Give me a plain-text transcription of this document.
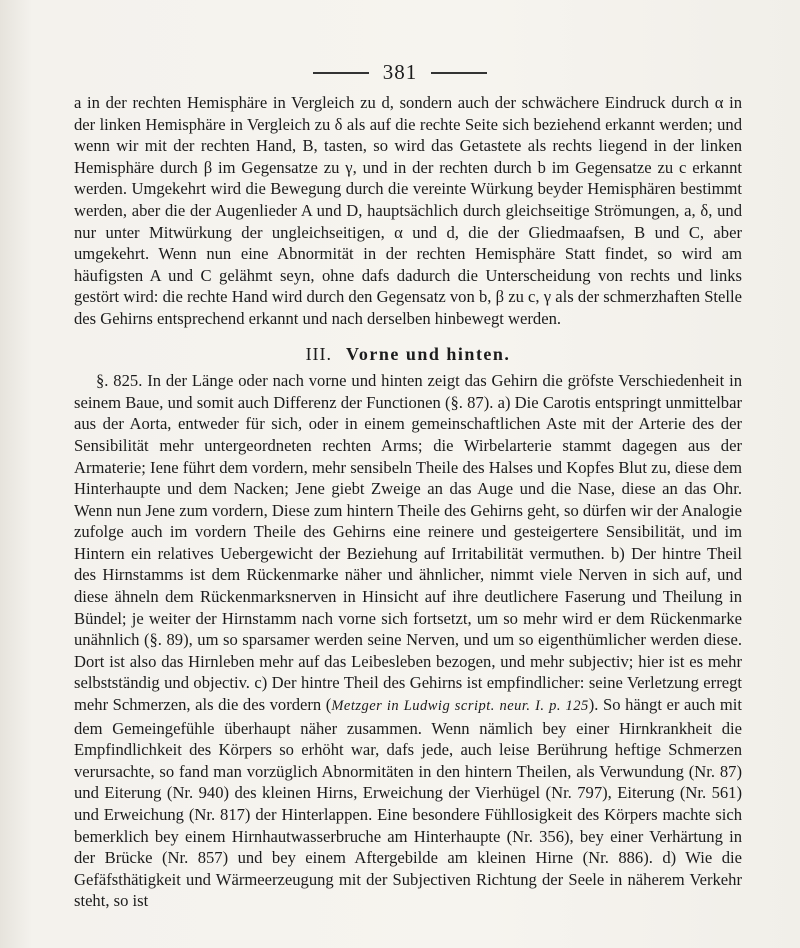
381

a in der rechten Hemisphäre in Vergleich zu d, sondern auch der schwächere Eindruck durch α in der linken Hemisphäre in Vergleich zu δ als auf die rechte Seite sich beziehend erkannt werden; und wenn wir mit der rechten Hand, B, tasten, so wird das Getastete als rechts liegend in der linken Hemisphäre durch β im Gegensatze zu γ, und in der rechten durch b im Gegensatze zu c erkannt werden. Umgekehrt wird die Bewegung durch die vereinte Würkung beyder Hemisphären bestimmt werden, aber die der Augenlieder A und D, hauptsächlich durch gleichseitige Strömungen, a, δ, und nur unter Mitwürkung der ungleichseitigen, α und d, die der Gliedmaafsen, B und C, aber umgekehrt. Wenn nun eine Abnormität in der rechten Hemisphäre Statt findet, so wird am häufigsten A und C gelähmt seyn, ohne dafs dadurch die Unterscheidung von rechts und links gestört wird: die rechte Hand wird durch den Gegensatz von b, β zu c, γ als der schmerzhaften Stelle des Gehirns entsprechend erkannt und nach derselben hinbewegt werden.

III. Vorne und hinten.

§. 825. In der Länge oder nach vorne und hinten zeigt das Gehirn die gröfste Verschiedenheit in seinem Baue, und somit auch Differenz der Functionen (§. 87). a) Die Carotis entspringt unmittelbar aus der Aorta, entweder für sich, oder in einem gemeinschaftlichen Aste mit der Arterie des der Sensibilität mehr untergeordneten rechten Arms; die Wirbelarterie stammt dagegen aus der Armaterie; Iene führt dem vordern, mehr sensibeln Theile des Halses und Kopfes Blut zu, diese dem Hinterhaupte und dem Nacken; Jene giebt Zweige an das Auge und die Nase, diese an das Ohr. Wenn nun Jene zum vordern, Diese zum hintern Theile des Gehirns geht, so dürfen wir der Analogie zufolge auch im vordern Theile des Gehirns eine reinere und gesteigertere Sensibilität, und im Hintern ein relatives Uebergewicht der Beziehung auf Irritabilität vermuthen. b) Der hintre Theil des Hirnstamms ist dem Rückenmarke näher und ähnlicher, nimmt viele Nerven in sich auf, und diese ähneln dem Rückenmarksnerven in Hinsicht auf ihre deutlichere Faserung und Theilung in Bündel; je weiter der Hirnstamm nach vorne sich fortsetzt, um so mehr wird er dem Rückenmarke unähnlich (§. 89), um so sparsamer werden seine Nerven, und um so eigenthümlicher werden diese. Dort ist also das Hirnleben mehr auf das Leibesleben bezogen, und mehr subjectiv; hier ist es mehr selbstständig und objectiv. c) Der hintre Theil des Gehirns ist empfindlicher: seine Verletzung erregt mehr Schmerzen, als die des vordern (Metzger in Ludwig script. neur. I. p. 125). So hängt er auch mit dem Gemeingefühle überhaupt näher zusammen. Wenn nämlich bey einer Hirnkrankheit die Empfindlichkeit des Körpers so erhöht war, dafs jede, auch leise Berührung heftige Schmerzen verursachte, so fand man vorzüglich Abnormitäten in den hintern Theilen, als Verwundung (Nr. 87) und Eiterung (Nr. 940) des kleinen Hirns, Erweichung der Vierhügel (Nr. 797), Eiterung (Nr. 561) und Erweichung (Nr. 817) der Hinterlappen. Eine besondere Fühllosigkeit des Körpers machte sich bemerklich bey einem Hirnhautwasserbruche am Hinterhaupte (Nr. 356), bey einer Verhärtung in der Brücke (Nr. 857) und bey einem Aftergebilde am kleinen Hirne (Nr. 886). d) Wie die Gefäfsthätigkeit und Wärmeerzeugung mit der Subjectiven Richtung der Seele in näherem Verkehr steht, so ist
